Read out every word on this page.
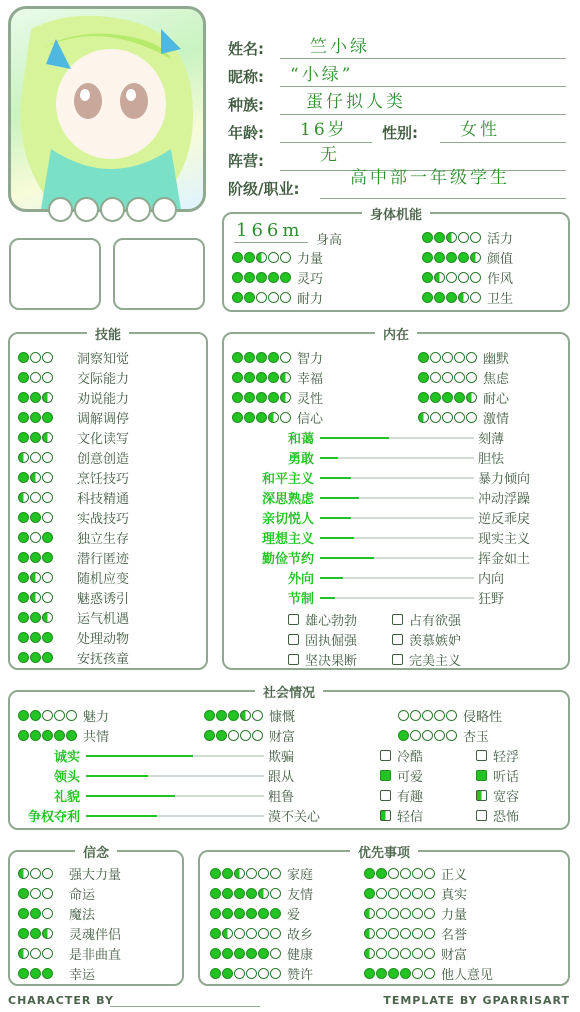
姓名:	竺小绿
昵称: “小绿”
种族: 蛋仔拟人类
年龄: 16岁 性别: 女性
阵营:	无
阶级/职业:
高中部一年级学生
身体机能
166m 身高
力量
灵巧
耐力
活力
颜值
作风
卫生
技能
洞察知觉
交际能力
劝说能力
调解调停
文化读写
创意创造
烹饪技巧
科技精通
实战技巧
独立生存
潜行匿迹
随机应变
魅惑诱引
运气机遇
处理动物
安抚孩童
内在
智力
幸福
灵性
信心
幽默
焦虑
耐心
激情
和蔼	刻薄
勇敢	胆怯
和平主义	暴力倾向
深思熟虑	冲动浮躁
亲切悦人	逆反乖戾
理想主义	现实主义
勤俭节约	挥金如土
外向	内向
节制	狂野
雄心勃勃	占有欲强
固执倔强	羡慕嫉妒
坚决果断	完美主义
社会情况
魅力	慷慨	侵略性
共情	财富	杏玉
诚实	欺骗
领头	跟从
礼貌	粗鲁
争权夺利	漠不关心
冷酷	轻浮
可爱	听话
有趣	宽容
轻信	恐怖
信念
强大力量
命运
魔法
灵魂伴侣
是非曲直
幸运
优先事项
家庭
友情
爱
故乡
健康
赞许
正义
真实
力量
名誉
财富
他人意见
CHARACTER BY	TEMPLATE BY GPARRISART
